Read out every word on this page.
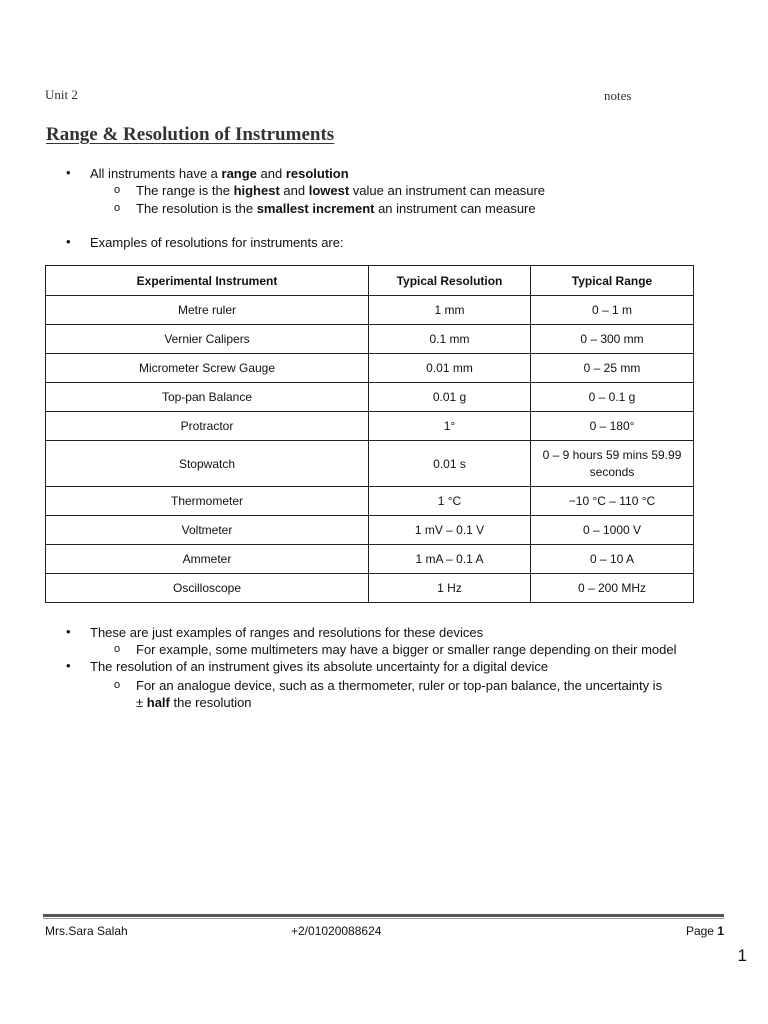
Unit 2	notes
Range & Resolution of Instruments
• All instruments have a range and resolution
o The range is the highest and lowest value an instrument can measure
o The resolution is the smallest increment an instrument can measure
• Examples of resolutions for instruments are:
Experimental Instrument	Typical Resolution	Typical Range
Metre ruler	1 mm	0 – 1 m
Vernier Calipers	0.1 mm	0 – 300 mm
Micrometer Screw Gauge	0.01 mm	0 – 25 mm
Top-pan Balance	0.01 g	0 – 0.1 g
Protractor	1°	0 – 180°
Stopwatch	0.01 s	0 – 9 hours 59 mins 59.99 seconds
Thermometer	1 °C	−10 °C – 110 °C
Voltmeter	1 mV – 0.1 V	0 – 1000 V
Ammeter	1 mA – 0.1 A	0 – 10 A
Oscilloscope	1 Hz	0 – 200 MHz
• These are just examples of ranges and resolutions for these devices
o For example, some multimeters may have a bigger or smaller range depending on their model
• The resolution of an instrument gives its absolute uncertainty for a digital device
o For an analogue device, such as a thermometer, ruler or top-pan balance, the uncertainty is
± half the resolution
Mrs.Sara Salah	+2/01020088624	Page 1
1
